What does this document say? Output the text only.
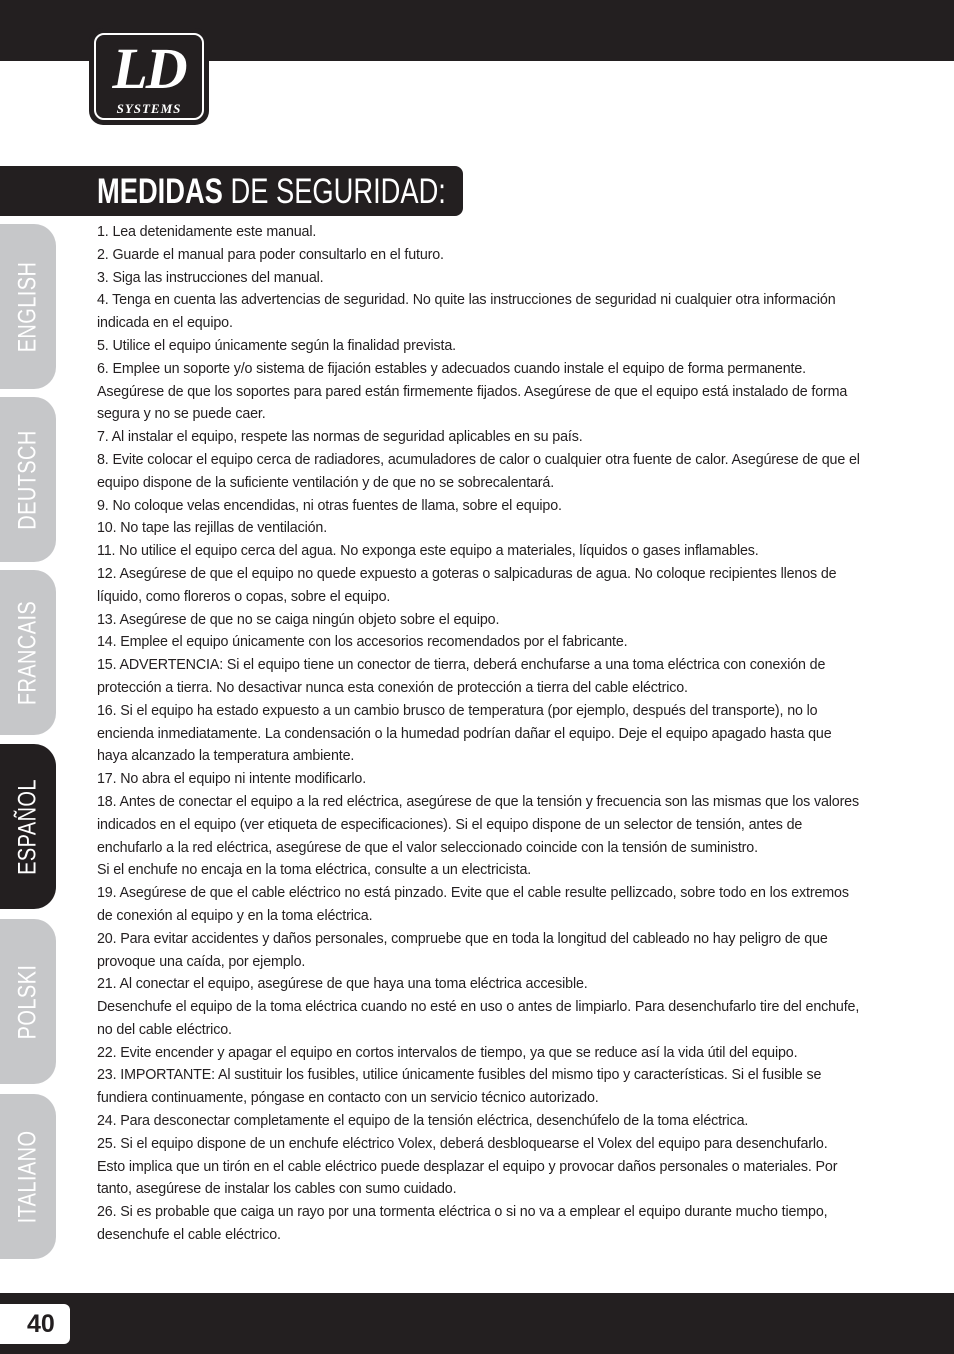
LD
SYSTEMS
MEDIDAS DE SEGURIDAD:
ENGLISH
DEUTSCH
FRANCAIS
ESPAÑOL
POLSKI
ITALIANO

1. Lea detenidamente este manual.

2. Guarde el manual para poder consultarlo en el futuro.

3. Siga las instrucciones del manual.

4. Tenga en cuenta las advertencias de seguridad. No quite las instrucciones de seguridad ni cualquier otra información indicada en el equipo.

5. Utilice el equipo únicamente según la finalidad prevista.

6. Emplee un soporte y/o sistema de fijación estables y adecuados cuando instale el equipo de forma permanente. Asegúrese de que los soportes para pared están firmemente fijados. Asegúrese de que el equipo está instalado de forma segura y no se puede caer.

7. Al instalar el equipo, respete las normas de seguridad aplicables en su país.

8. Evite colocar el equipo cerca de radiadores, acumuladores de calor o cualquier otra fuente de calor. Asegúrese de que el equipo dispone de la suficiente ventilación y de que no se sobrecalentará.

9. No coloque velas encendidas, ni otras fuentes de llama, sobre el equipo.

10. No tape las rejillas de ventilación.

11. No utilice el equipo cerca del agua. No exponga este equipo a materiales, líquidos o gases inflamables.

12. Asegúrese de que el equipo no quede expuesto a goteras o salpicaduras de agua. No coloque recipientes llenos de líquido, como floreros o copas, sobre el equipo.

13. Asegúrese de que no se caiga ningún objeto sobre el equipo.

14. Emplee el equipo únicamente con los accesorios recomendados por el fabricante.

15. ADVERTENCIA: Si el equipo tiene un conector de tierra, deberá enchufarse a una toma eléctrica con conexión de protección a tierra. No desactivar nunca esta conexión de protección a tierra del cable eléctrico.

16. Si el equipo ha estado expuesto a un cambio brusco de temperatura (por ejemplo, después del transporte), no lo encienda inmediatamente. La condensación o la humedad podrían dañar el equipo. Deje el equipo apagado hasta que haya alcanzado la temperatura ambiente.

17. No abra el equipo ni intente modificarlo.

18. Antes de conectar el equipo a la red eléctrica, asegúrese de que la tensión y frecuencia son las mismas que los valores indicados en el equipo (ver etiqueta de especificaciones). Si el equipo dispone de un selector de tensión, antes de enchufarlo a la red eléctrica, asegúrese de que el valor seleccionado coincide con la tensión de suministro.

Si el enchufe no encaja en la toma eléctrica, consulte a un electricista.

19. Asegúrese de que el cable eléctrico no está pinzado. Evite que el cable resulte pellizcado, sobre todo en los extremos de conexión al equipo y en la toma eléctrica.

20. Para evitar accidentes y daños personales, compruebe que en toda la longitud del cableado no hay peligro de que provoque una caída, por ejemplo.

21. Al conectar el equipo, asegúrese de que haya una toma eléctrica accesible.

Desenchufe el equipo de la toma eléctrica cuando no esté en uso o antes de limpiarlo. Para desenchufarlo tire del enchufe, no del cable eléctrico.

22. Evite encender y apagar el equipo en cortos intervalos de tiempo, ya que se reduce así la vida útil del equipo.

23. IMPORTANTE: Al sustituir los fusibles, utilice únicamente fusibles del mismo tipo y características. Si el fusible se fundiera continuamente, póngase en contacto con un servicio técnico autorizado.

24. Para desconectar completamente el equipo de la tensión eléctrica, desenchúfelo de la toma eléctrica.

25. Si el equipo dispone de un enchufe eléctrico Volex, deberá desbloquearse el Volex del equipo para desenchufarlo.

Esto implica que un tirón en el cable eléctrico puede desplazar el equipo y provocar daños personales o materiales. Por tanto, asegúrese de instalar los cables con sumo cuidado.

26. Si es probable que caiga un rayo por una tormenta eléctrica o si no va a emplear el equipo durante mucho tiempo, desenchufe el cable eléctrico.

40
